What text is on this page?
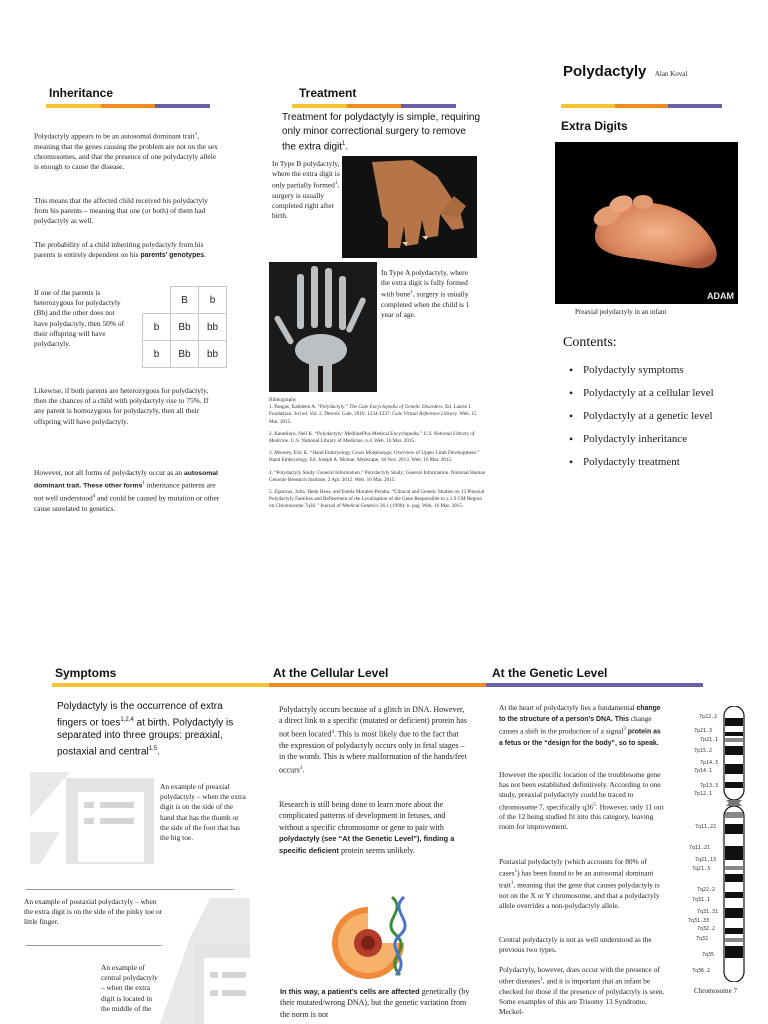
Inheritance
Polydactyly appears to be an autosomal dominant trait$^1$, meaning that the genes causing the problem are not on the sex chromosomes, and that the presence of one polydactyly allele is enough to cause the disease.
This means that the affected child received his polydactyly from his parents – meaning that one (or both) of them had polydactyly as well.
The probability of a child inheriting polydactyly from his parents is entirely dependent on his parents’ genotypes.
If one of the parents is heterozygous for polydactyly (Bb) and the other does not have polydactyly, then 50% of their offspring will have polydactyly.
	B	b
b	Bb	bb
b	Bb	bb
Likewise, if both parents are heterozygous for polydactyly, then the chances of a child with polydactyly rise to 75%. If any parent is homozygous for polydactyly, then all their offspring will have polydactyly.
However, not all forms of polydactyly occur as an autosomal dominant trait. These other forms$^1$ inheritance patterns are not well understood$^4$ and could be caused by mutation or other cause unrelated to genetics.
Treatment
Treatment for polydactyly is simple, requiring only minor correctional surgery to remove the extra digit$^1$.
In Type B polydactyly, where the extra digit is only partially formed$^1$, surgery is usually completed right after birth.
In Type A polydactyly, where the extra digit is fully formed with bone$^1$, surgery is usually completed when the child is 1 year of age.

Bibliography

1. Pangas, Kathleen A. “Polydactyly.” The Gale Encyclopedia of Genetic Disorders. Ed. Laurie J. Fundukian. 3rd ed. Vol. 2. Detroit: Gale, 2010. 1234-1237. Gale Virtual Reference Library. Web. 15 Mar. 2015.

2. Kaneshiro, Neil K. “Polydactyly: MedlinePlus Medical Encyclopedia.” U.S. National Library of Medicine. U.S. National Library of Medicine, n.d. Web. 16 Mar. 2015.

3. Mooney, Eric K. “Hand Embryology Gross Morphologic Overview of Upper Limb Development.” Hand Embryology. Ed. Joseph A. Molnar. Medscape, 18 Nov. 2013. Web. 16 Mar. 2015.

4. “Polydactyly Study: General Information.” Polydactyly Study: General Information. National Human Genome Research Institute, 2 Apr. 2012. Web. 16 Mar. 2015.

5. Zguricas, Julia, Henk Heus, and Estela Morales-Peralta. “Clinical and Genetic Studies on 12 Preaxial Polydactyly Families and Refinement of the Localisation of the Gene Responsible to a 1.9 CM Region on Chromosome 7q36.” Journal of Medical Genetics 36.1 (1998): n. pag. Web. 16 Mar. 2015.

Polydactyly Alan Koval
Extra Digits
ADAM
Preaxial polydactyly in an infant
Contents:
• Polydactyly symptoms
• Polydactyly at a cellular level
• Polydactyly at a genetic level
• Polydactyly inheritance
• Polydactyly treatment
Symptoms	At the Cellular Level	At the Genetic Level
Polydactyly is the occurrence of extra fingers or toes$^{1,2,4}$ at birth. Polydactyly is separated into three groups: preaxial, postaxial and central$^{1,5}$.
An example of preaxial polydactyly – when the extra digit is on the side of the hand that has the thumb or the side of the foot that has the big toe.
An example of postaxial polydactyly – when the extra digit is on the side of the pinky toe or little finger.
An example of central polydactyly – when the extra digit is located in the middle of the
Polydactyly occurs because of a glitch in DNA. However, a direct link to a specific (mutated or deficient) protein has not been located$^4$. This is most likely due to the fact that the expression of polydactyly occurs only in fetal stages – in the womb. This is where malformation of the hands/feet occurs$^3$.
Research is still being done to learn more about the complicated patterns of development in fetuses, and without a specific chromosome or gene to pair with polydactyly (see “At the Genetic Level”), finding a specific deficient protein seems unlikely.
In this way, a patient’s cells are affected genetically (by their mutated/wrong DNA), but the genetic variation from the norm is not
At the heart of polydactyly lies a fundamental change to the structure of a person’s DNA. This change causes a shift in the production of a signal$^3$ protein as a fetus or the “design for the body”, so to speak.
However the specific location of the troublesome gene has not been established definitively. According to one study, preaxial polydactyly could be traced to chromosome 7, specifically $q36^5$. However, only 11 out of the 12 being studied fit into this category, leaving room for improvement.
Postaxial polydactyly (which accounts for 80% of cases$^1$) has been found to be an autosomal dominant trait$^1$, meaning that the gene that causes polydactyly is not on the X or Y chromosome, and that a polydactyly allele overrides a non-polydactyly allele.
Central polydactyly is not as well understood as the previous two types.
Polydactyly, however, does occur with the presence of other diseases$^1$, and it is important that an infant be checked for those if the presence of polydactyly is seen. Some examples of this are Trisomy 13 Syndrome, Meckel-
7p21.3
7p15.2
7p14.1
7p12.1
7q11.21
7q21.3
7q31.1
7q31.33
7q32
7q36.2
7p22.2
7p21.1
7p14.3
7p13.3
7q11.22
7q21.13
7q22.2
7q31.31
7q32.2
7q35
Chromosome 7
